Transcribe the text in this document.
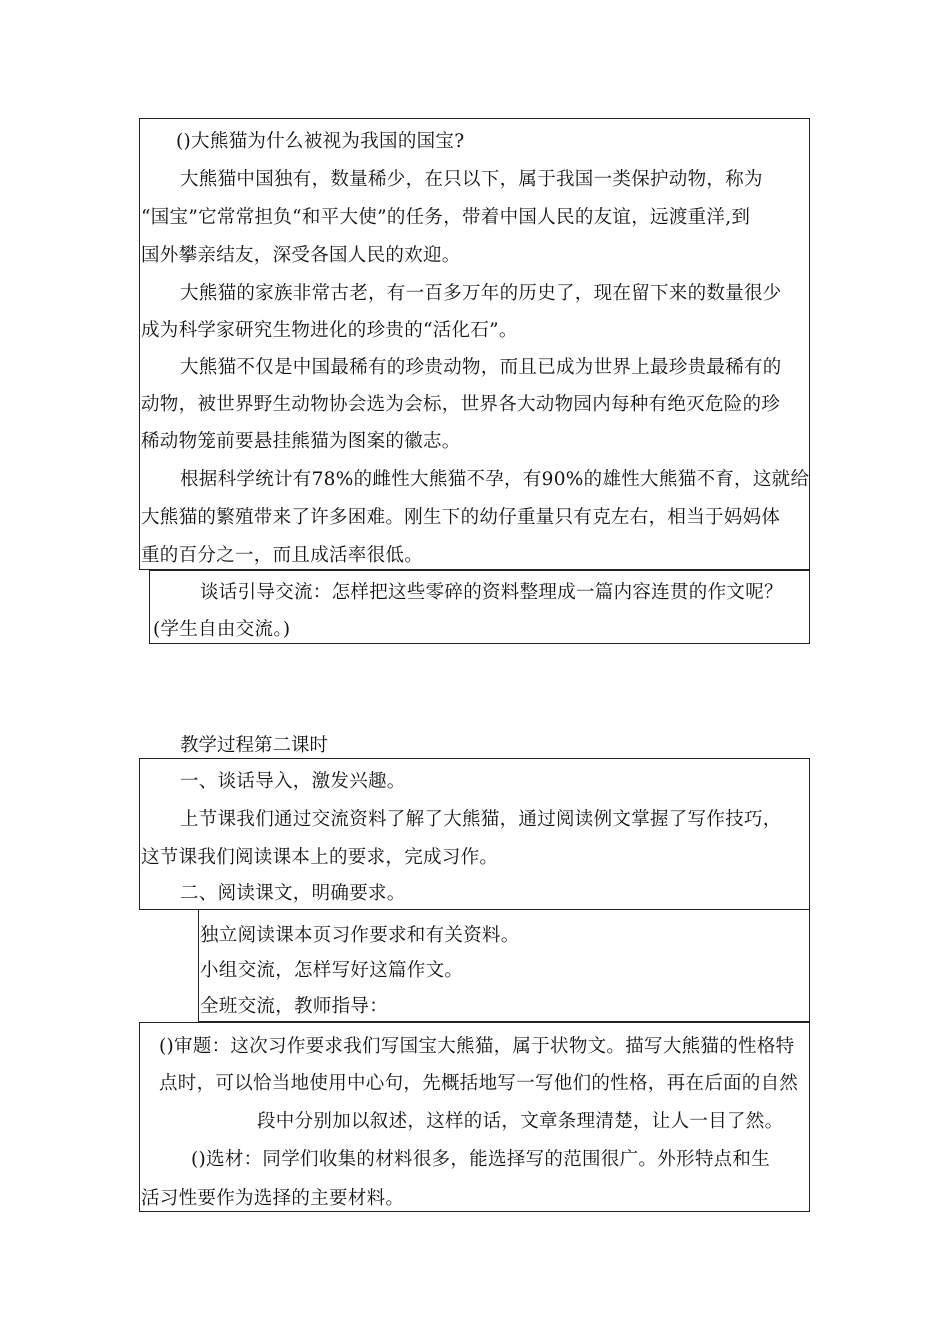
()大熊猫为什么被视为我国的国宝?
大熊猫中国独有，数量稀少，在只以下，属于我国一类保护动物，称为
“国宝”它常常担负“和平大使”的任务，带着中国人民的友谊，远渡重洋,到
国外攀亲结友，深受各国人民的欢迎。
大熊猫的家族非常古老，有一百多万年的历史了，现在留下来的数量很少
成为科学家研究生物进化的珍贵的“活化石”。
大熊猫不仅是中国最稀有的珍贵动物，而且已成为世界上最珍贵最稀有的
动物，被世界野生动物协会选为会标，世界各大动物园内每种有绝灭危险的珍
稀动物笼前要悬挂熊猫为图案的徽志。
根据科学统计有78%的雌性大熊猫不孕，有90%的雄性大熊猫不育，这就给
大熊猫的繁殖带来了许多困难。刚生下的幼仔重量只有克左右，相当于妈妈体
重的百分之一，而且成活率很低。
谈话引导交流：怎样把这些零碎的资料整理成一篇内容连贯的作文呢？
(学生自由交流。)
教学过程第二课时
一、谈话导入，激发兴趣。
上节课我们通过交流资料了解了大熊猫，通过阅读例文掌握了写作技巧，
这节课我们阅读课本上的要求，完成习作。
二、阅读课文，明确要求。
独立阅读课本页习作要求和有关资料。
小组交流，怎样写好这篇作文。
全班交流，教师指导：
()审题：这次习作要求我们写国宝大熊猫，属于状物文。描写大熊猫的性格特
点时，可以恰当地使用中心句，先概括地写一写他们的性格，再在后面的自然
段中分别加以叙述，这样的话，文章条理清楚，让人一目了然。
()选材：同学们收集的材料很多，能选择写的范围很广。外形特点和生
活习性要作为选择的主要材料。
